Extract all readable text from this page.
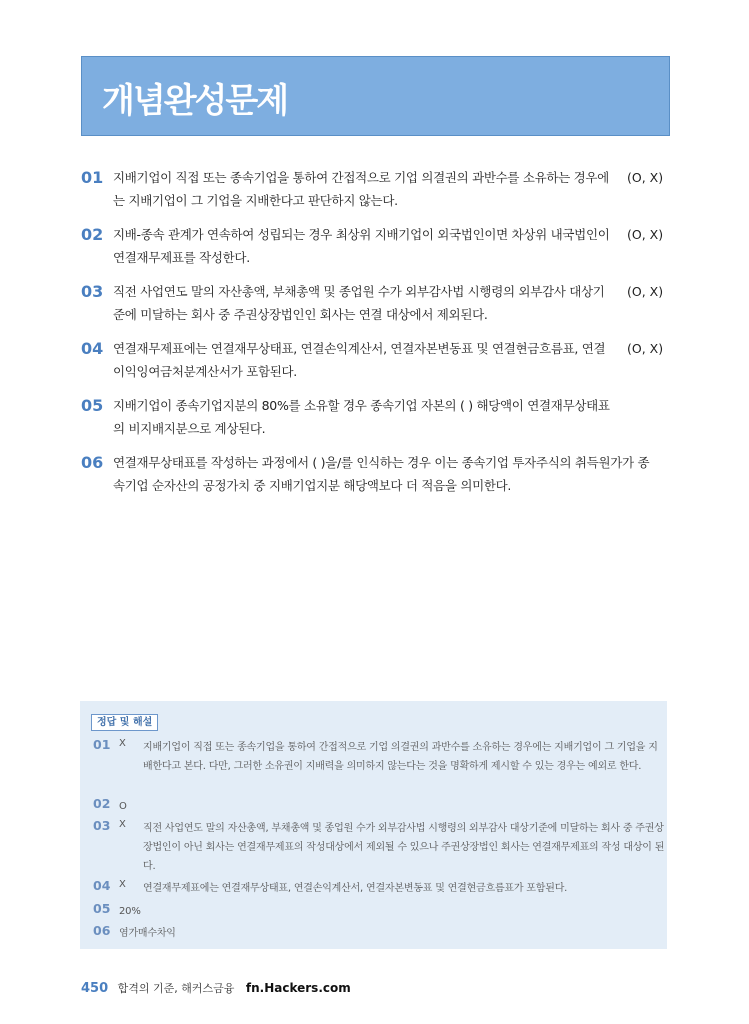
개념완성문제
01 지배기업이 직접 또는 종속기업을 통하여 간접적으로 기업 의결권의 과반수를 소유하는 경우에는 지배기업이 그 기업을 지배한다고 판단하지 않는다.
(O, X)
02 지배-종속 관계가 연속하여 성립되는 경우 최상위 지배기업이 외국법인이면 차상위 내국법인이 연결재무제표를 작성한다.
(O, X)
03 직전 사업연도 말의 자산총액, 부채총액 및 종업원 수가 외부감사법 시행령의 외부감사 대상기준에 미달하는 회사 중 주권상장법인인 회사는 연결 대상에서 제외된다.
(O, X)
04 연결재무제표에는 연결재무상태표, 연결손익계산서, 연결자본변동표 및 연결현금흐름표, 연결이익잉여금처분계산서가 포함된다.
(O, X)
05 지배기업이 종속기업지분의 80%를 소유할 경우 종속기업 자본의 ( ) 해당액이 연결재무상태표의 비지배지분으로 계상된다.
06 연결재무상태표를 작성하는 과정에서 ( )을/를 인식하는 경우 이는 종속기업 투자주식의 취득원가가 종속기업 순자산의 공정가치 중 지배기업지분 해당액보다 더 적음을 의미한다.
정답 및 해설
01 X 지배기업이 직접 또는 종속기업을 통하여 간접적으로 기업 의결권의 과반수를 소유하는 경우에는 지배기업이 그 기업을 지배한다고 본다. 다만, 그러한 소유권이 지배력을 의미하지 않는다는 것을 명확하게 제시할 수 있는 경우는 예외로 한다.
02 O
03 X 직전 사업연도 말의 자산총액, 부채총액 및 종업원 수가 외부감사법 시행령의 외부감사 대상기준에 미달하는 회사 중 주권상장법인이 아닌 회사는 연결재무제표의 작성대상에서 제외될 수 있으나 주권상장법인 회사는 연결재무제표의 작성 대상이 된다.
04 X 연결재무제표에는 연결재무상태표, 연결손익계산서, 연결자본변동표 및 연결현금흐름표가 포함된다.
05 20%
06 염가매수차익
450 합격의 기준, 해커스금융 fn.Hackers.com
